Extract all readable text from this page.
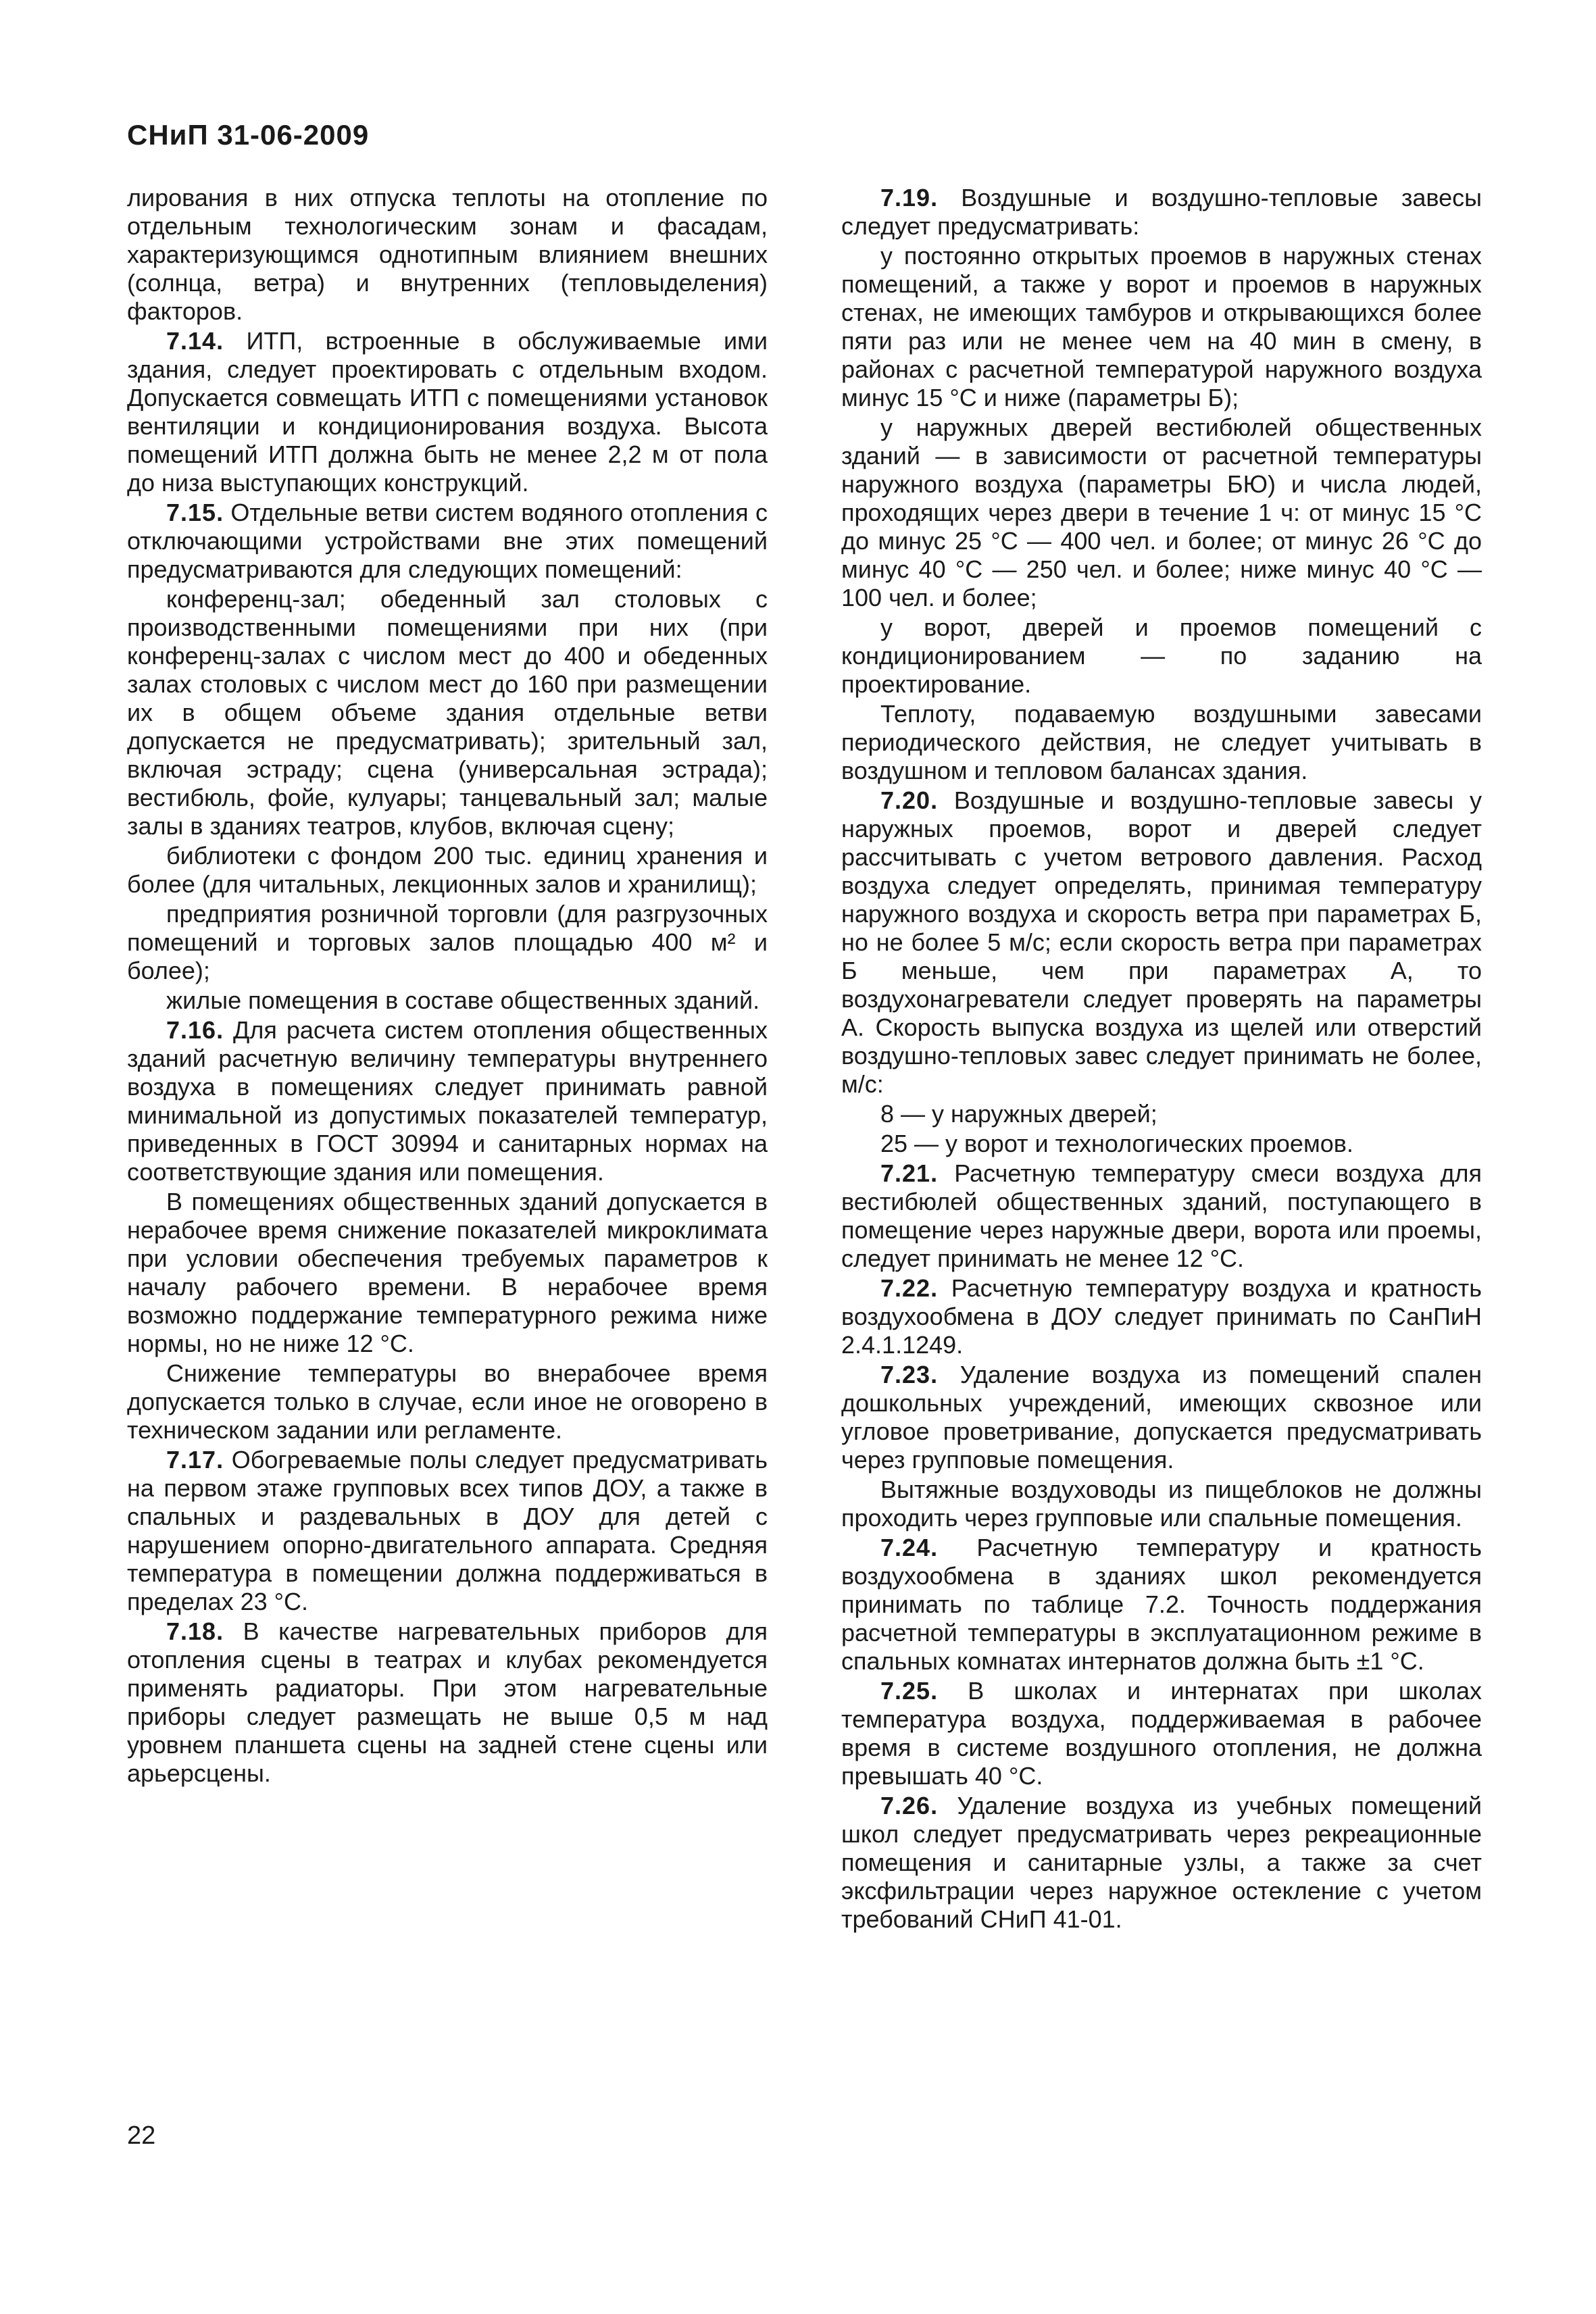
СНиП 31-06-2009

лирования в них отпуска теплоты на отопление по отдельным технологическим зонам и фасадам, характеризующимся однотипным влиянием внешних (солнца, ветра) и внутренних (тепловыделения) факторов.

7.14. ИТП, встроенные в обслуживаемые ими здания, следует проектировать с отдельным входом. Допускается совмещать ИТП с помещениями установок вентиляции и кондиционирования воздуха. Высота помещений ИТП должна быть не менее 2,2 м от пола до низа выступающих конструкций.

7.15. Отдельные ветви систем водяного отопления с отключающими устройствами вне этих помещений предусматриваются для следующих помещений:

конференц-зал; обеденный зал столовых с производственными помещениями при них (при конференц-залах с числом мест до 400 и обеденных залах столовых с числом мест до 160 при размещении их в общем объеме здания отдельные ветви допускается не предусматривать); зрительный зал, включая эстраду; сцена (универсальная эстрада); вестибюль, фойе, кулуары; танцевальный зал; малые залы в зданиях театров, клубов, включая сцену;

библиотеки с фондом 200 тыс. единиц хранения и более (для читальных, лекционных залов и хранилищ);

предприятия розничной торговли (для разгрузочных помещений и торговых залов площадью 400 м² и более);

жилые помещения в составе общественных зданий.

7.16. Для расчета систем отопления общественных зданий расчетную величину температуры внутреннего воздуха в помещениях следует принимать равной минимальной из допустимых показателей температур, приведенных в ГОСТ 30994 и санитарных нормах на соответствующие здания или помещения.

В помещениях общественных зданий допускается в нерабочее время снижение показателей микроклимата при условии обеспечения требуемых параметров к началу рабочего времени. В нерабочее время возможно поддержание температурного режима ниже нормы, но не ниже 12 °С.

Снижение температуры во внерабочее время допускается только в случае, если иное не оговорено в техническом задании или регламенте.

7.17. Обогреваемые полы следует предусматривать на первом этаже групповых всех типов ДОУ, а также в спальных и раздевальных в ДОУ для детей с нарушением опорно-двигательного аппарата. Средняя температура в помещении должна поддерживаться в пределах 23 °С.

7.18. В качестве нагревательных приборов для отопления сцены в театрах и клубах рекомендуется применять радиаторы. При этом нагревательные приборы следует размещать не выше 0,5 м над уровнем планшета сцены на задней стене сцены или арьерсцены.

7.19. Воздушные и воздушно-тепловые завесы следует предусматривать:

у постоянно открытых проемов в наружных стенах помещений, а также у ворот и проемов в наружных стенах, не имеющих тамбуров и открывающихся более пяти раз или не менее чем на 40 мин в смену, в районах с расчетной температурой наружного воздуха минус 15 °С и ниже (параметры Б);

у наружных дверей вестибюлей общественных зданий — в зависимости от расчетной температуры наружного воздуха (параметры БЮ) и числа людей, проходящих через двери в течение 1 ч: от минус 15 °С до минус 25 °С — 400 чел. и более; от минус 26 °С до минус 40 °С — 250 чел. и более; ниже минус 40 °С — 100 чел. и более;

у ворот, дверей и проемов помещений с кондиционированием — по заданию на проектирование.

Теплоту, подаваемую воздушными завесами периодического действия, не следует учитывать в воздушном и тепловом балансах здания.

7.20. Воздушные и воздушно-тепловые завесы у наружных проемов, ворот и дверей следует рассчитывать с учетом ветрового давления. Расход воздуха следует определять, принимая температуру наружного воздуха и скорость ветра при параметрах Б, но не более 5 м/с; если скорость ветра при параметрах Б меньше, чем при параметрах А, то воздухонагреватели следует проверять на параметры А. Скорость выпуска воздуха из щелей или отверстий воздушно-тепловых завес следует принимать не более, м/с:

8 — у наружных дверей;

25 — у ворот и технологических проемов.

7.21. Расчетную температуру смеси воздуха для вестибюлей общественных зданий, поступающего в помещение через наружные двери, ворота или проемы, следует принимать не менее 12 °С.

7.22. Расчетную температуру воздуха и кратность воздухообмена в ДОУ следует принимать по СанПиН 2.4.1.1249.

7.23. Удаление воздуха из помещений спален дошкольных учреждений, имеющих сквозное или угловое проветривание, допускается предусматривать через групповые помещения.

Вытяжные воздуховоды из пищеблоков не должны проходить через групповые или спальные помещения.

7.24. Расчетную температуру и кратность воздухообмена в зданиях школ рекомендуется принимать по таблице 7.2. Точность поддержания расчетной температуры в эксплуатационном режиме в спальных комнатах интернатов должна быть ±1 °С.

7.25. В школах и интернатах при школах температура воздуха, поддерживаемая в рабочее время в системе воздушного отопления, не должна превышать 40 °С.

7.26. Удаление воздуха из учебных помещений школ следует предусматривать через рекреационные помещения и санитарные узлы, а также за счет эксфильтрации через наружное остекление с учетом требований СНиП 41-01.

22
